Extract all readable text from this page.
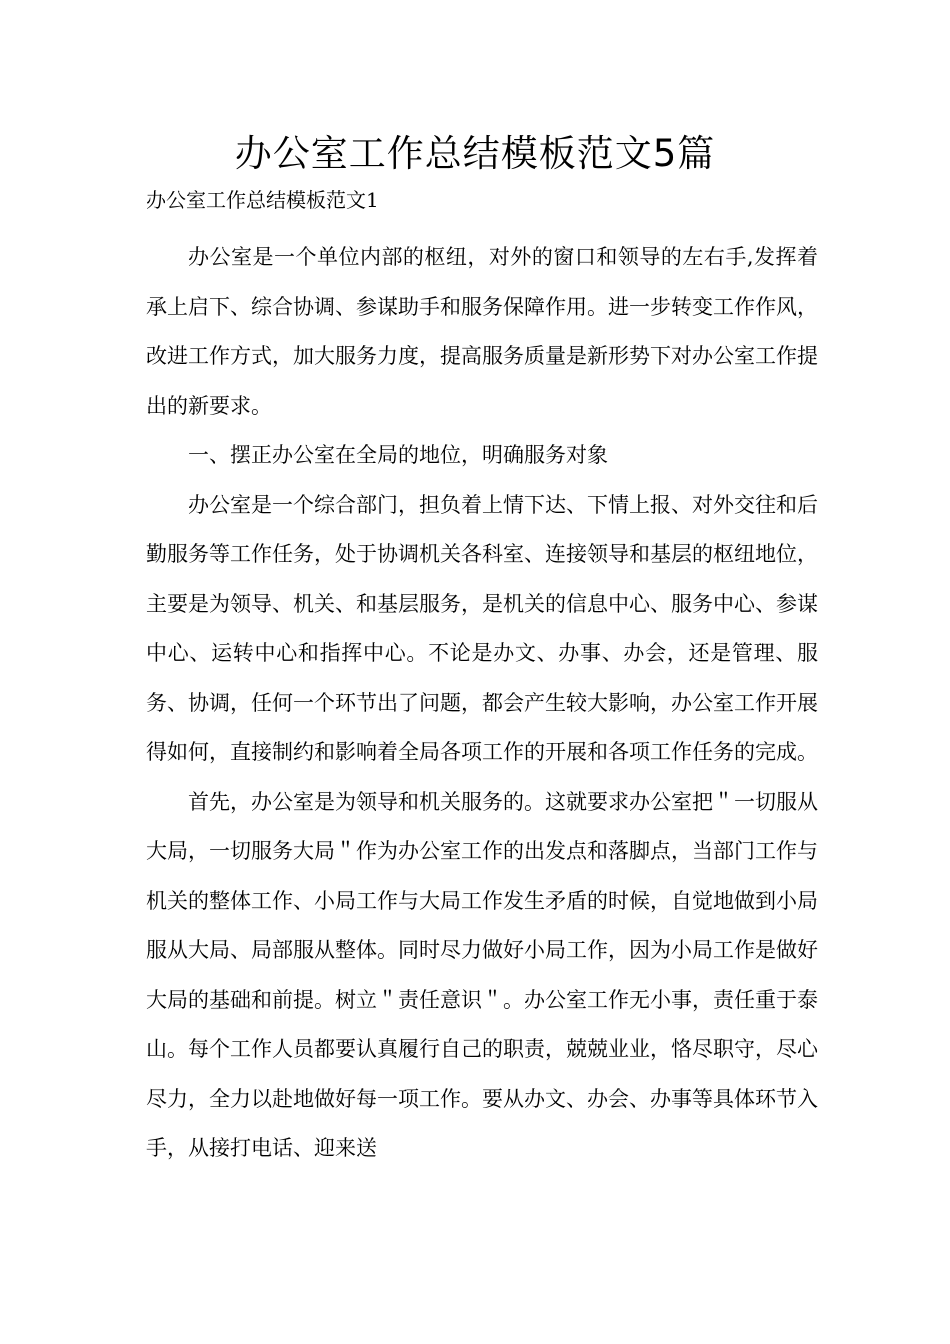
办公室工作总结模板范文5篇

办公室工作总结模板范文1

办公室是一个单位内部的枢纽，对外的窗口和领导的左右手,发挥着承上启下、综合协调、参谋助手和服务保障作用。进一步转变工作作风，改进工作方式，加大服务力度，提高服务质量是新形势下对办公室工作提出的新要求。

一、摆正办公室在全局的地位，明确服务对象

办公室是一个综合部门，担负着上情下达、下情上报、对外交往和后勤服务等工作任务，处于协调机关各科室、连接领导和基层的枢纽地位，主要是为领导、机关、和基层服务，是机关的信息中心、服务中心、参谋中心、运转中心和指挥中心。不论是办文、办事、办会，还是管理、服务、协调，任何一个环节出了问题，都会产生较大影响，办公室工作开展得如何，直接制约和影响着全局各项工作的开展和各项工作任务的完成。

首先，办公室是为领导和机关服务的。这就要求办公室把＂一切服从大局，一切服务大局＂作为办公室工作的出发点和落脚点，当部门工作与机关的整体工作、小局工作与大局工作发生矛盾的时候，自觉地做到小局服从大局、局部服从整体。同时尽力做好小局工作，因为小局工作是做好大局的基础和前提。树立＂责任意识＂。办公室工作无小事，责任重于泰山。每个工作人员都要认真履行自己的职责，兢兢业业，恪尽职守，尽心尽力，全力以赴地做好每一项工作。要从办文、办会、办事等具体环节入手，从接打电话、迎来送
